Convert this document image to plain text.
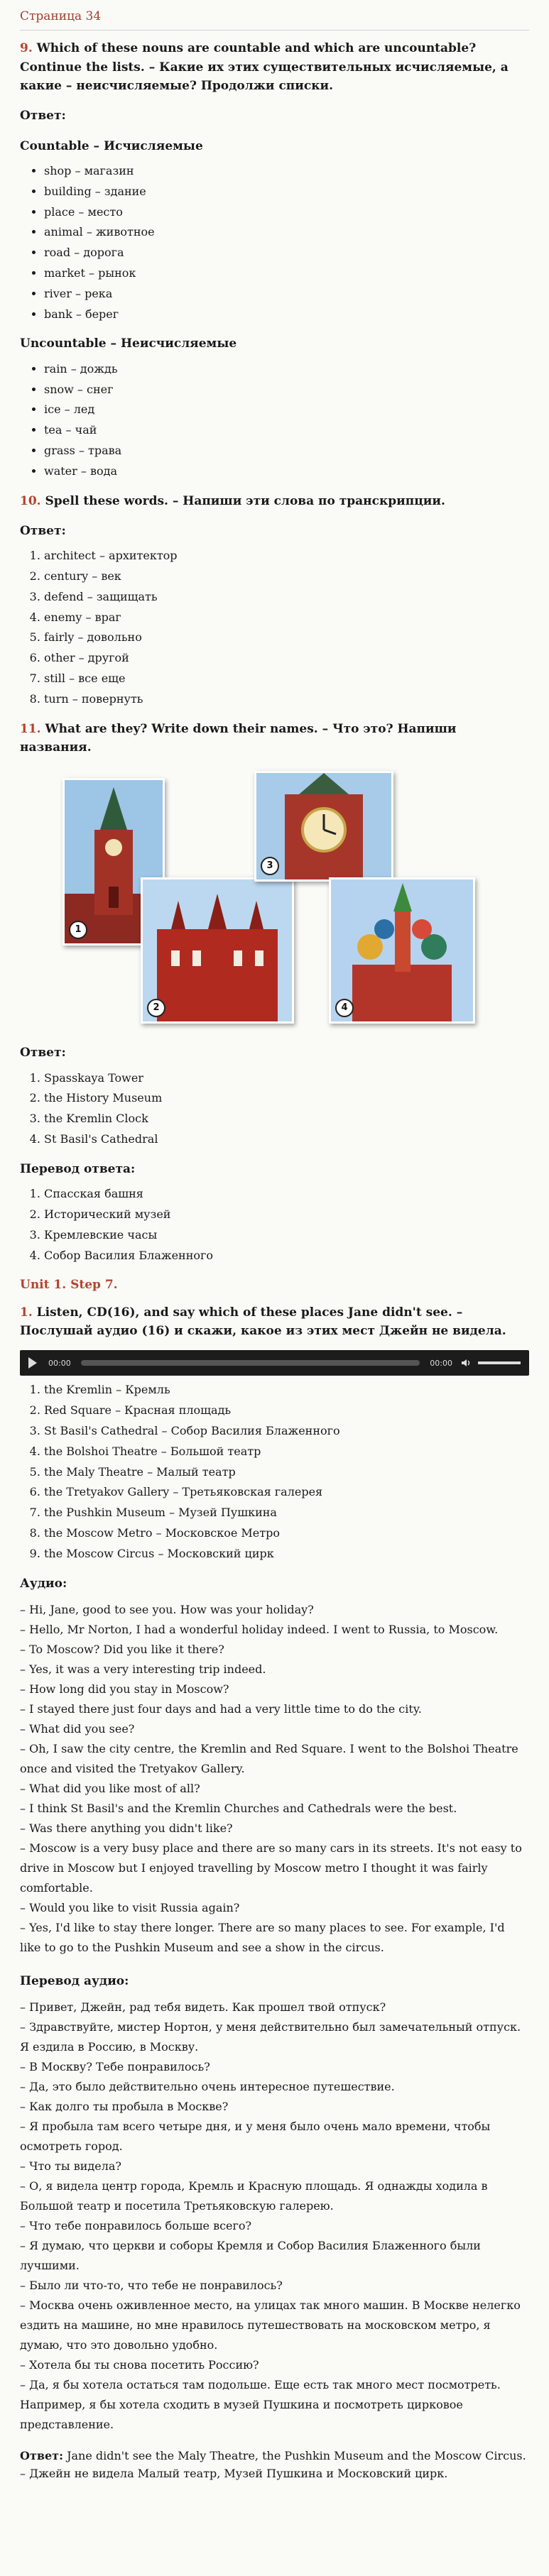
Страница 34
9. Which of these nouns are countable and which are uncountable? Continue the lists. – Какие их этих существительных исчисляемые, а какие – неисчисляемые? Продолжи списки.
Ответ:
Countable – Исчисляемые
• shop – магазин
• building – здание
• place – место
• animal – животное
• road – дорога
• market – рынок
• river – река
• bank – берег
Uncountable – Неисчисляемые
• rain – дождь
• snow – снег
• ice – лед
• tea – чай
• grass – трава
• water – вода
10. Spell these words. – Напиши эти слова по транскрипции.
Ответ:
1. architect – архитектор
2. century – век
3. defend – защищать
4. enemy – враг
5. fairly – довольно
6. other – другой
7. still – все еще
8. turn – повернуть
11. What are they? Write down their names. – Что это? Напиши названия.
1
2
3
4
Ответ:
1. Spasskaya Tower
2. the History Museum
3. the Kremlin Clock
4. St Basil's Cathedral
Перевод ответа:
1. Спасская башня
2. Исторический музей
3. Кремлевские часы
4. Собор Василия Блаженного
Unit 1. Step 7.
1. Listen, CD(16), and say which of these places Jane didn't see. – Послушай аудио (16) и скажи, какое из этих мест Джейн не видела.
00:00	00:00
1. the Kremlin – Кремль
2. Red Square – Красная площадь
3. St Basil's Cathedral – Собор Василия Блаженного
4. the Bolshoi Theatre – Большой театр
5. the Maly Theatre – Малый театр
6. the Tretyakov Gallery – Третьяковская галерея
7. the Pushkin Museum – Музей Пушкина
8. the Moscow Metro – Московское Метро
9. the Moscow Circus – Московский цирк
Аудио:

– Hi, Jane, good to see you. How was your holiday?

– Hello, Mr Norton, I had a wonderful holiday indeed. I went to Russia, to Moscow.

– To Moscow? Did you like it there?

– Yes, it was a very interesting trip indeed.

– How long did you stay in Moscow?

– I stayed there just four days and had a very little time to do the city.

– What did you see?

– Oh, I saw the city centre, the Kremlin and Red Square. I went to the Bolshoi Theatre once and visited the Tretyakov Gallery.

– What did you like most of all?

– I think St Basil's and the Kremlin Churches and Cathedrals were the best.

– Was there anything you didn't like?

– Moscow is a very busy place and there are so many cars in its streets. It's not easy to drive in Moscow but I enjoyed travelling by Moscow metro I thought it was fairly comfortable.

– Would you like to visit Russia again?

– Yes, I'd like to stay there longer. There are so many places to see. For example, I'd like to go to the Pushkin Museum and see a show in the circus.

Перевод аудио:

– Привет, Джейн, рад тебя видеть. Как прошел твой отпуск?

– Здравствуйте, мистер Нортон, у меня действительно был замечательный отпуск. Я ездила в Россию, в Москву.

– В Москву? Тебе понравилось?

– Да, это было действительно очень интересное путешествие.

– Как долго ты пробыла в Москве?

– Я пробыла там всего четыре дня, и у меня было очень мало времени, чтобы осмотреть город.

– Что ты видела?

– О, я видела центр города, Кремль и Красную площадь. Я однажды ходила в Большой театр и посетила Третьяковскую галерею.

– Что тебе понравилось больше всего?

– Я думаю, что церкви и соборы Кремля и Собор Василия Блаженного были лучшими.

– Было ли что-то, что тебе не понравилось?

– Москва очень оживленное место, на улицах так много машин. В Москве нелегко ездить на машине, но мне нравилось путешествовать на московском метро, я думаю, что это довольно удобно.

– Хотела бы ты снова посетить Россию?

– Да, я бы хотела остаться там подольше. Еще есть так много мест посмотреть. Например, я бы хотела сходить в музей Пушкина и посмотреть цирковое представление.

Ответ: Jane didn't see the Maly Theatre, the Pushkin Museum and the Moscow Circus. – Джейн не видела Малый театр, Музей Пушкина и Московский цирк.
